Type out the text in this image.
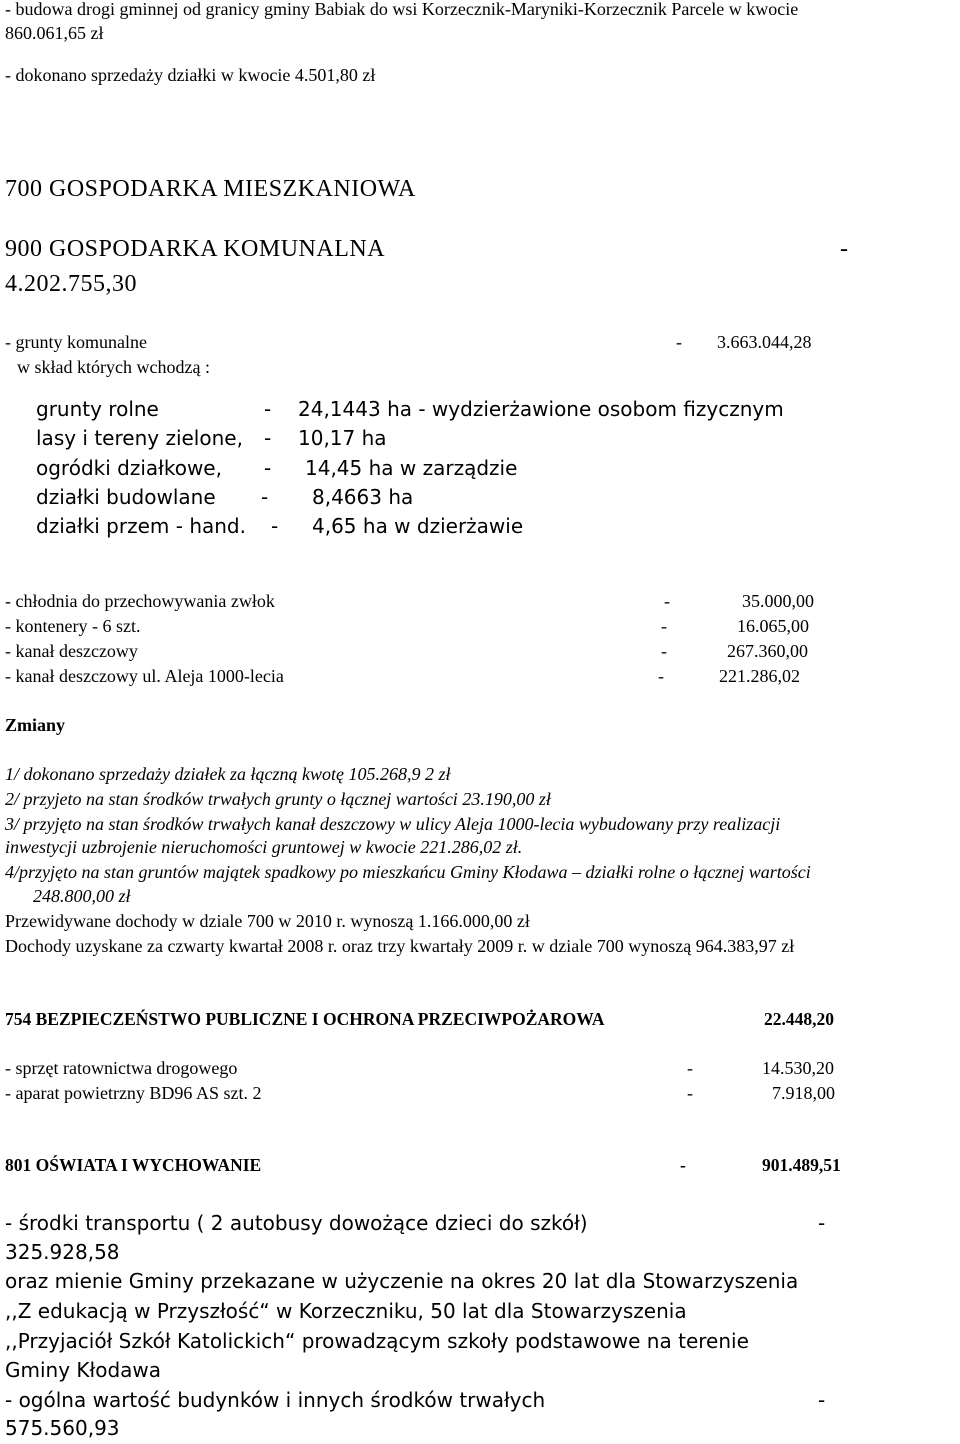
- budowa drogi gminnej od granicy gminy Babiak do wsi Korzecznik-Maryniki-Korzecznik Parcele w kwocie
860.061,65 zł
- dokonano sprzedaży działki w kwocie 4.501,80 zł
700 GOSPODARKA MIESZKANIOWA
900 GOSPODARKA KOMUNALNA	-
4.202.755,30
- grunty komunalne	- 3.663.044,28
w skład których wchodzą :
grunty rolne	- 24,1443 ha - wydzierżawione osobom fizycznym
lasy i tereny zielone, - 10,17 ha
ogródki działkowe, - 14,45 ha w zarządzie
działki budowlane - 8,4663 ha
działki przem - hand. - 4,65 ha w dzierżawie
- chłodnia do przechowywania zwłok	-	35.000,00
- kontenery - 6 szt.	-	16.065,00
- kanał deszczowy	-	267.360,00
- kanał deszczowy ul. Aleja 1000-lecia	-	221.286,02
Zmiany
1/ dokonano sprzedaży działek za łączną kwotę 105.268,9 2 zł
2/ przyjeto na stan środków trwałych grunty o łącznej wartości 23.190,00 zł
3/ przyjęto na stan środków trwałych kanał deszczowy w ulicy Aleja 1000-lecia wybudowany przy realizacji
inwestycji uzbrojenie nieruchomości gruntowej w kwocie 221.286,02 zł.
4/przyjęto na stan gruntów majątek spadkowy po mieszkańcu Gminy Kłodawa – działki rolne o łącznej wartości
248.800,00 zł
Przewidywane dochody w dziale 700 w 2010 r. wynoszą 1.166.000,00 zł
Dochody uzyskane za czwarty kwartał 2008 r. oraz trzy kwartały 2009 r. w dziale 700 wynoszą 964.383,97 zł
754 BEZPIECZEŃSTWO PUBLICZNE I OCHRONA PRZECIWPOŻAROWA	22.448,20
- sprzęt ratownictwa drogowego	-	14.530,20
- aparat powietrzny BD96 AS szt. 2	-	7.918,00
801 OŚWIATA I WYCHOWANIE	-	901.489,51
- środki transportu ( 2 autobusy dowożące dzieci do szkół)	-
325.928,58
oraz mienie Gminy przekazane w użyczenie na okres 20 lat dla Stowarzyszenia
,,Z edukacją w Przyszłość“ w Korzeczniku, 50 lat dla Stowarzyszenia
,,Przyjaciół Szkół Katolickich“ prowadzącym szkoły podstawowe na terenie
Gminy Kłodawa
- ogólna wartość budynków i innych środków trwałych	-
575.560,93
